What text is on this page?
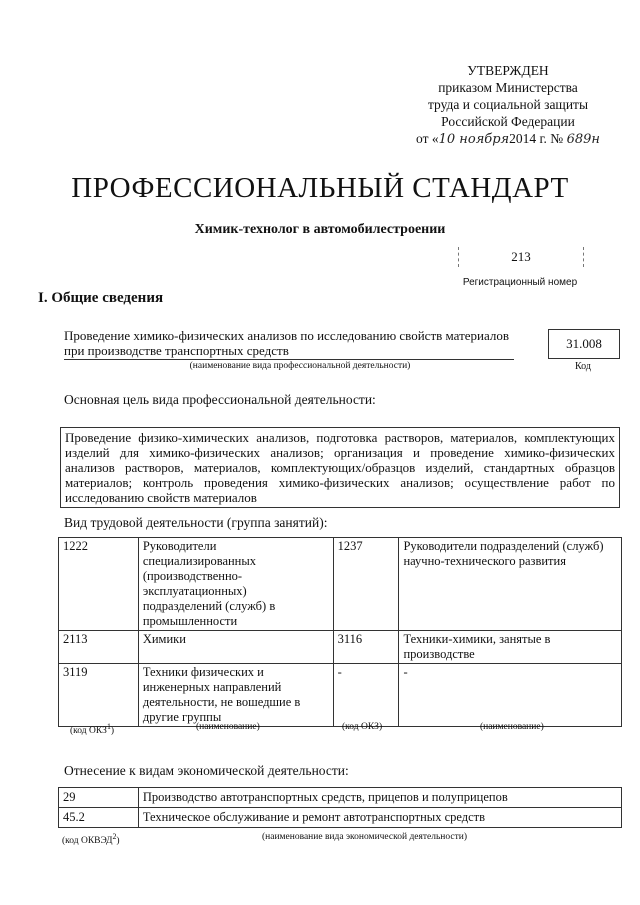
УТВЕРЖДЕН
приказом Министерства
труда и социальной защиты
Российской Федерации
от «10 ноября2014 г. № 689н
ПРОФЕССИОНАЛЬНЫЙ СТАНДАРТ
Химик-технолог в автомобилестроении
213
Регистрационный номер
I. Общие сведения
Проведение химико-физических анализов по исследованию свойств материалов при производстве транспортных средств
(наименование вида профессиональной деятельности)
31.008
Код
Основная цель вида профессиональной деятельности:
Проведение физико-химических анализов, подготовка растворов, материалов, комплектующих изделий для химико-физических анализов; организация и проведение химико-физических анализов растворов, материалов, комплектующих/образцов изделий, стандартных образцов материалов; контроль проведения химико-физических анализов; осуществление работ по исследованию свойств материалов
Вид трудовой деятельности (группа занятий):
1222	Руководители специализированных (производственно-эксплуатационных) подразделений (служб) в промышленности	1237	Руководители подразделений (служб) научно-технического развития
2113	Химики	3116	Техники-химики, занятые в производстве
3119	Техники физических и инженерных направлений деятельности, не вошедшие в другие группы	-	-
(код ОКЗ$^1$)	(наименование)	(код ОКЗ)	(наименование)
Отнесение к видам экономической деятельности:
29	Производство автотранспортных средств, прицепов и полуприцепов
45.2	Техническое обслуживание и ремонт автотранспортных средств
(код ОКВЭД$^2$)	(наименование вида экономической деятельности)
